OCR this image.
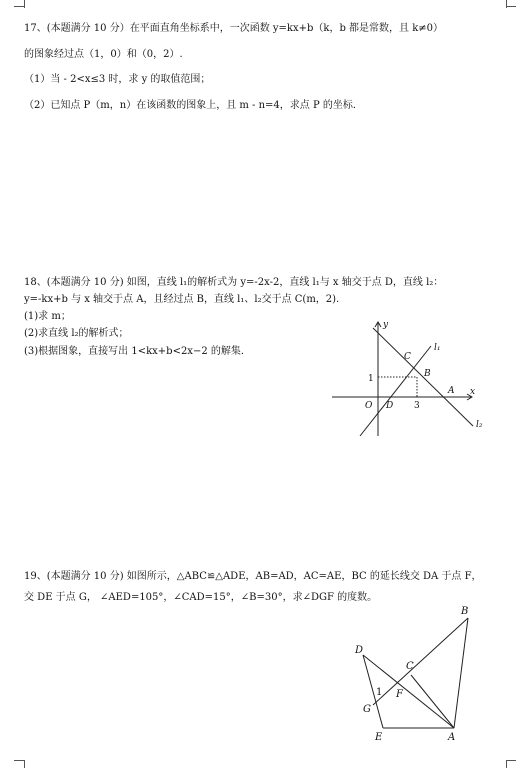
17、(本题满分 10 分）在平面直角坐标系中，一次函数 y=kx+b（k，b 都是常数，且 k≠0）
的图象经过点（1，0）和（0，2）.
（1）当 - 2<x≤3 时，求 y 的取值范围；
（2）已知点 P（m，n）在该函数的图象上，且 m - n=4，求点 P 的坐标．
18、(本题满分 10 分) 如图，直线 l₁的解析式为 y=-2x-2，直线 l₁与 x 轴交于点 D，直线 l₂：
y=-kx+b 与 x 轴交于点 A，且经过点 B，直线 l₁、l₂交于点 C(m，2).
(1)求 m；
(2)求直线 l₂的解析式；
(3)根据图象，直接写出 1<kx+b<2x−2 的解集．
y
x
O D
C
B
A
1
3
l₁
l₂
19、(本题满分 10 分) 如图所示，△ABC≌△ADE，AB=AD，AC=AE，BC 的延长线交 DA 于点 F，
交 DE 于点 G， ∠AED=105°，∠CAD=15°，∠B=30°，求∠DGF 的度数。
B
D
C
F
G
E	A
1
